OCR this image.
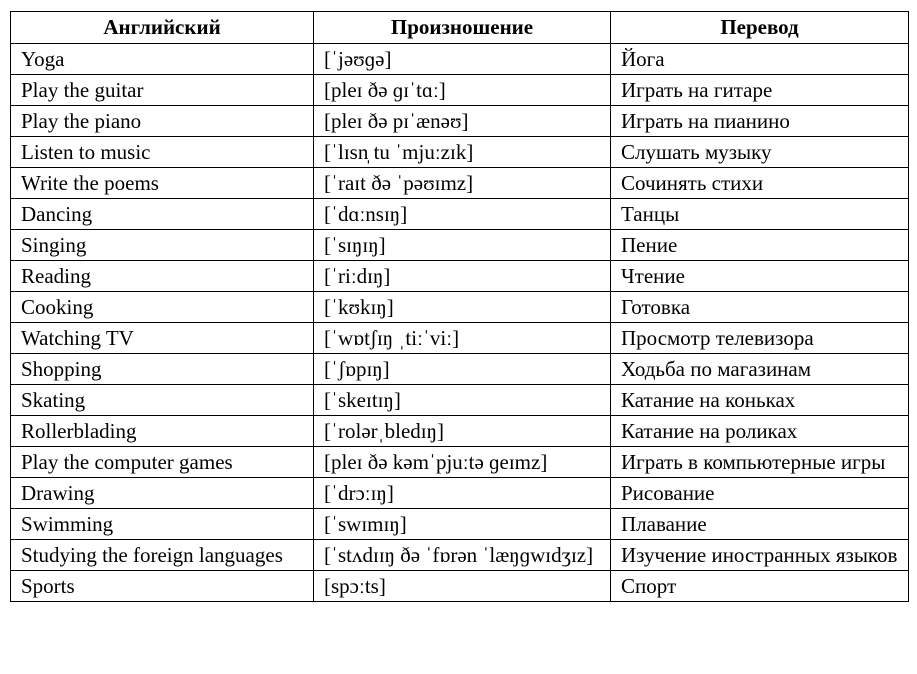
Английский	Произношение	Перевод
Yoga	[ˈjəʊɡə]	Йога
Play the guitar	[pleɪ ðə ɡɪˈtɑː]	Играть на гитаре
Play the piano	[pleɪ ðə pɪˈænəʊ]	Играть на пианино
Listen to music	[ˈlɪsn̩ tu ˈmjuːzɪk]	Слушать музыку
Write the poems	[ˈraɪt ðə ˈpəʊɪmz]	Сочинять стихи
Dancing	[ˈdɑːnsɪŋ]	Танцы
Singing	[ˈsɪŋɪŋ]	Пение
Reading	[ˈriːdɪŋ]	Чтение
Cooking	[ˈkʊkɪŋ]	Готовка
Watching TV	[ˈwɒtʃɪŋ ˌtiːˈviː]	Просмотр телевизора
Shopping	[ˈʃɒpɪŋ]	Ходьба по магазинам
Skating	[ˈskeɪtɪŋ]	Катание на коньках
Rollerblading	[ˈrolərˌbledɪŋ]	Катание на роликах
Play the computer games	[pleɪ ðə kəmˈpjuːtə ɡeɪmz]	Играть в компьютерные игры
Drawing	[ˈdrɔːɪŋ]	Рисование
Swimming	[ˈswɪmɪŋ]	Плавание
Studying the foreign languages	[ˈstʌdɪɪŋ ðə ˈfɒrən ˈlæŋɡwɪdʒɪz]	Изучение иностранных языков
Sports	[spɔːts]	Спорт
